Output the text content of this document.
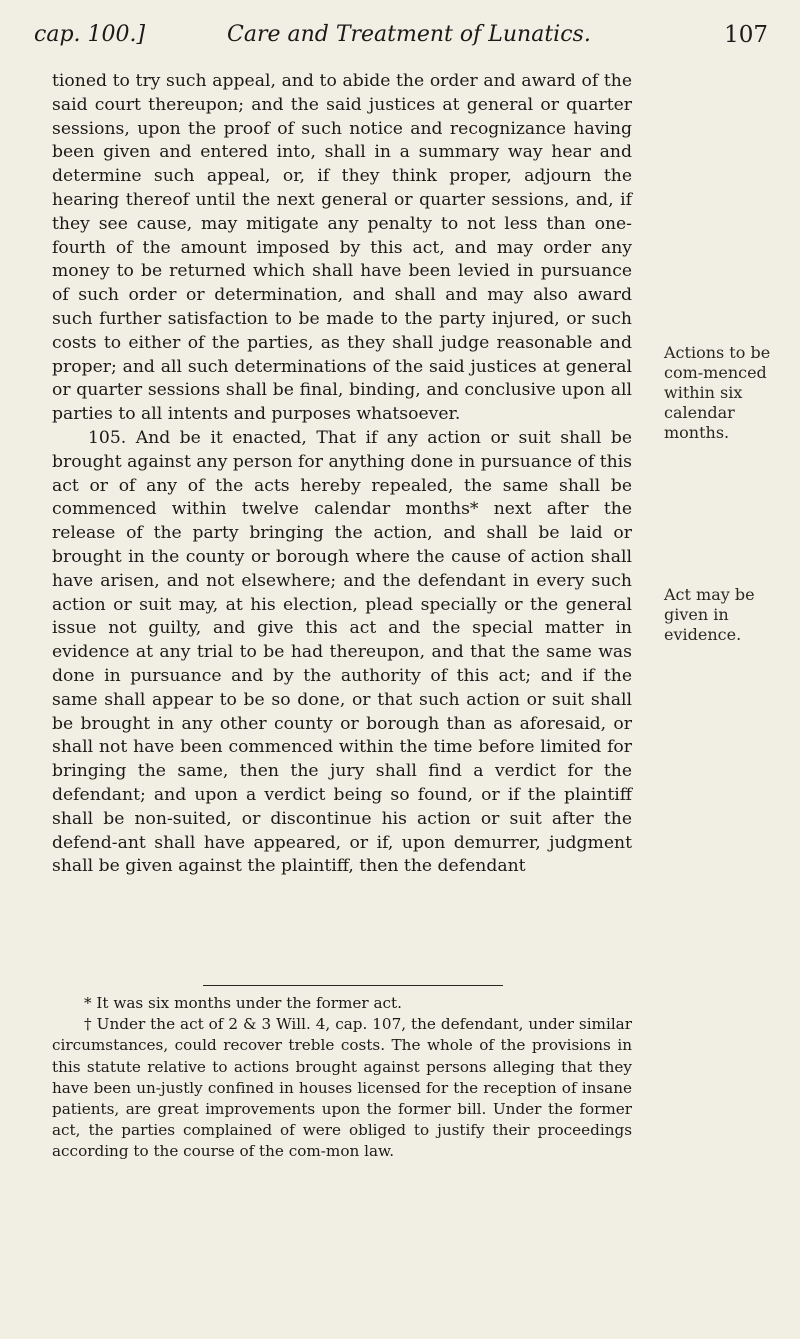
cap. 100.]	Care and Treatment of Lunatics.	107

tioned to try such appeal, and to abide the order and award of the said court thereupon; and the said justices at general or quarter sessions, upon the proof of such notice and recognizance having been given and entered into, shall in a summary way hear and determine such appeal, or, if they think proper, adjourn the hearing thereof until the next general or quarter sessions, and, if they see cause, may mitigate any penalty to not less than one-fourth of the amount imposed by this act, and may order any money to be returned which shall have been levied in pursuance of such order or determination, and shall and may also award such further satisfaction to be made to the party injured, or such costs to either of the parties, as they shall judge reasonable and proper; and all such determinations of the said justices at general or quarter sessions shall be final, binding, and conclusive upon all parties to all intents and purposes whatsoever.

105. And be it enacted, That if any action or suit shall be brought against any person for anything done in pursuance of this act or of any of the acts hereby repealed, the same shall be commenced within twelve calendar months* next after the release of the party bringing the action, and shall be laid or brought in the county or borough where the cause of action shall have arisen, and not elsewhere; and the defendant in every such action or suit may, at his election, plead specially or the general issue not guilty, and give this act and the special matter in evidence at any trial to be had thereupon, and that the same was done in pursuance and by the authority of this act; and if the same shall appear to be so done, or that such action or suit shall be brought in any other county or borough than as aforesaid, or shall not have been commenced within the time before limited for bringing the same, then the jury shall find a verdict for the defendant; and upon a verdict being so found, or if the plaintiff shall be non-suited, or discontinue his action or suit after the defend-ant shall have appeared, or if, upon demurrer, judgment shall be given against the plaintiff, then the defendant

Actions to be com-menced within six calendar months.
Act may be given in evidence.

* It was six months under the former act.

† Under the act of 2 & 3 Will. 4, cap. 107, the defendant, under similar circumstances, could recover treble costs. The whole of the provisions in this statute relative to actions brought against persons alleging that they have been un-justly confined in houses licensed for the reception of insane patients, are great improvements upon the former bill. Under the former act, the parties complained of were obliged to justify their proceedings according to the course of the com-mon law.
